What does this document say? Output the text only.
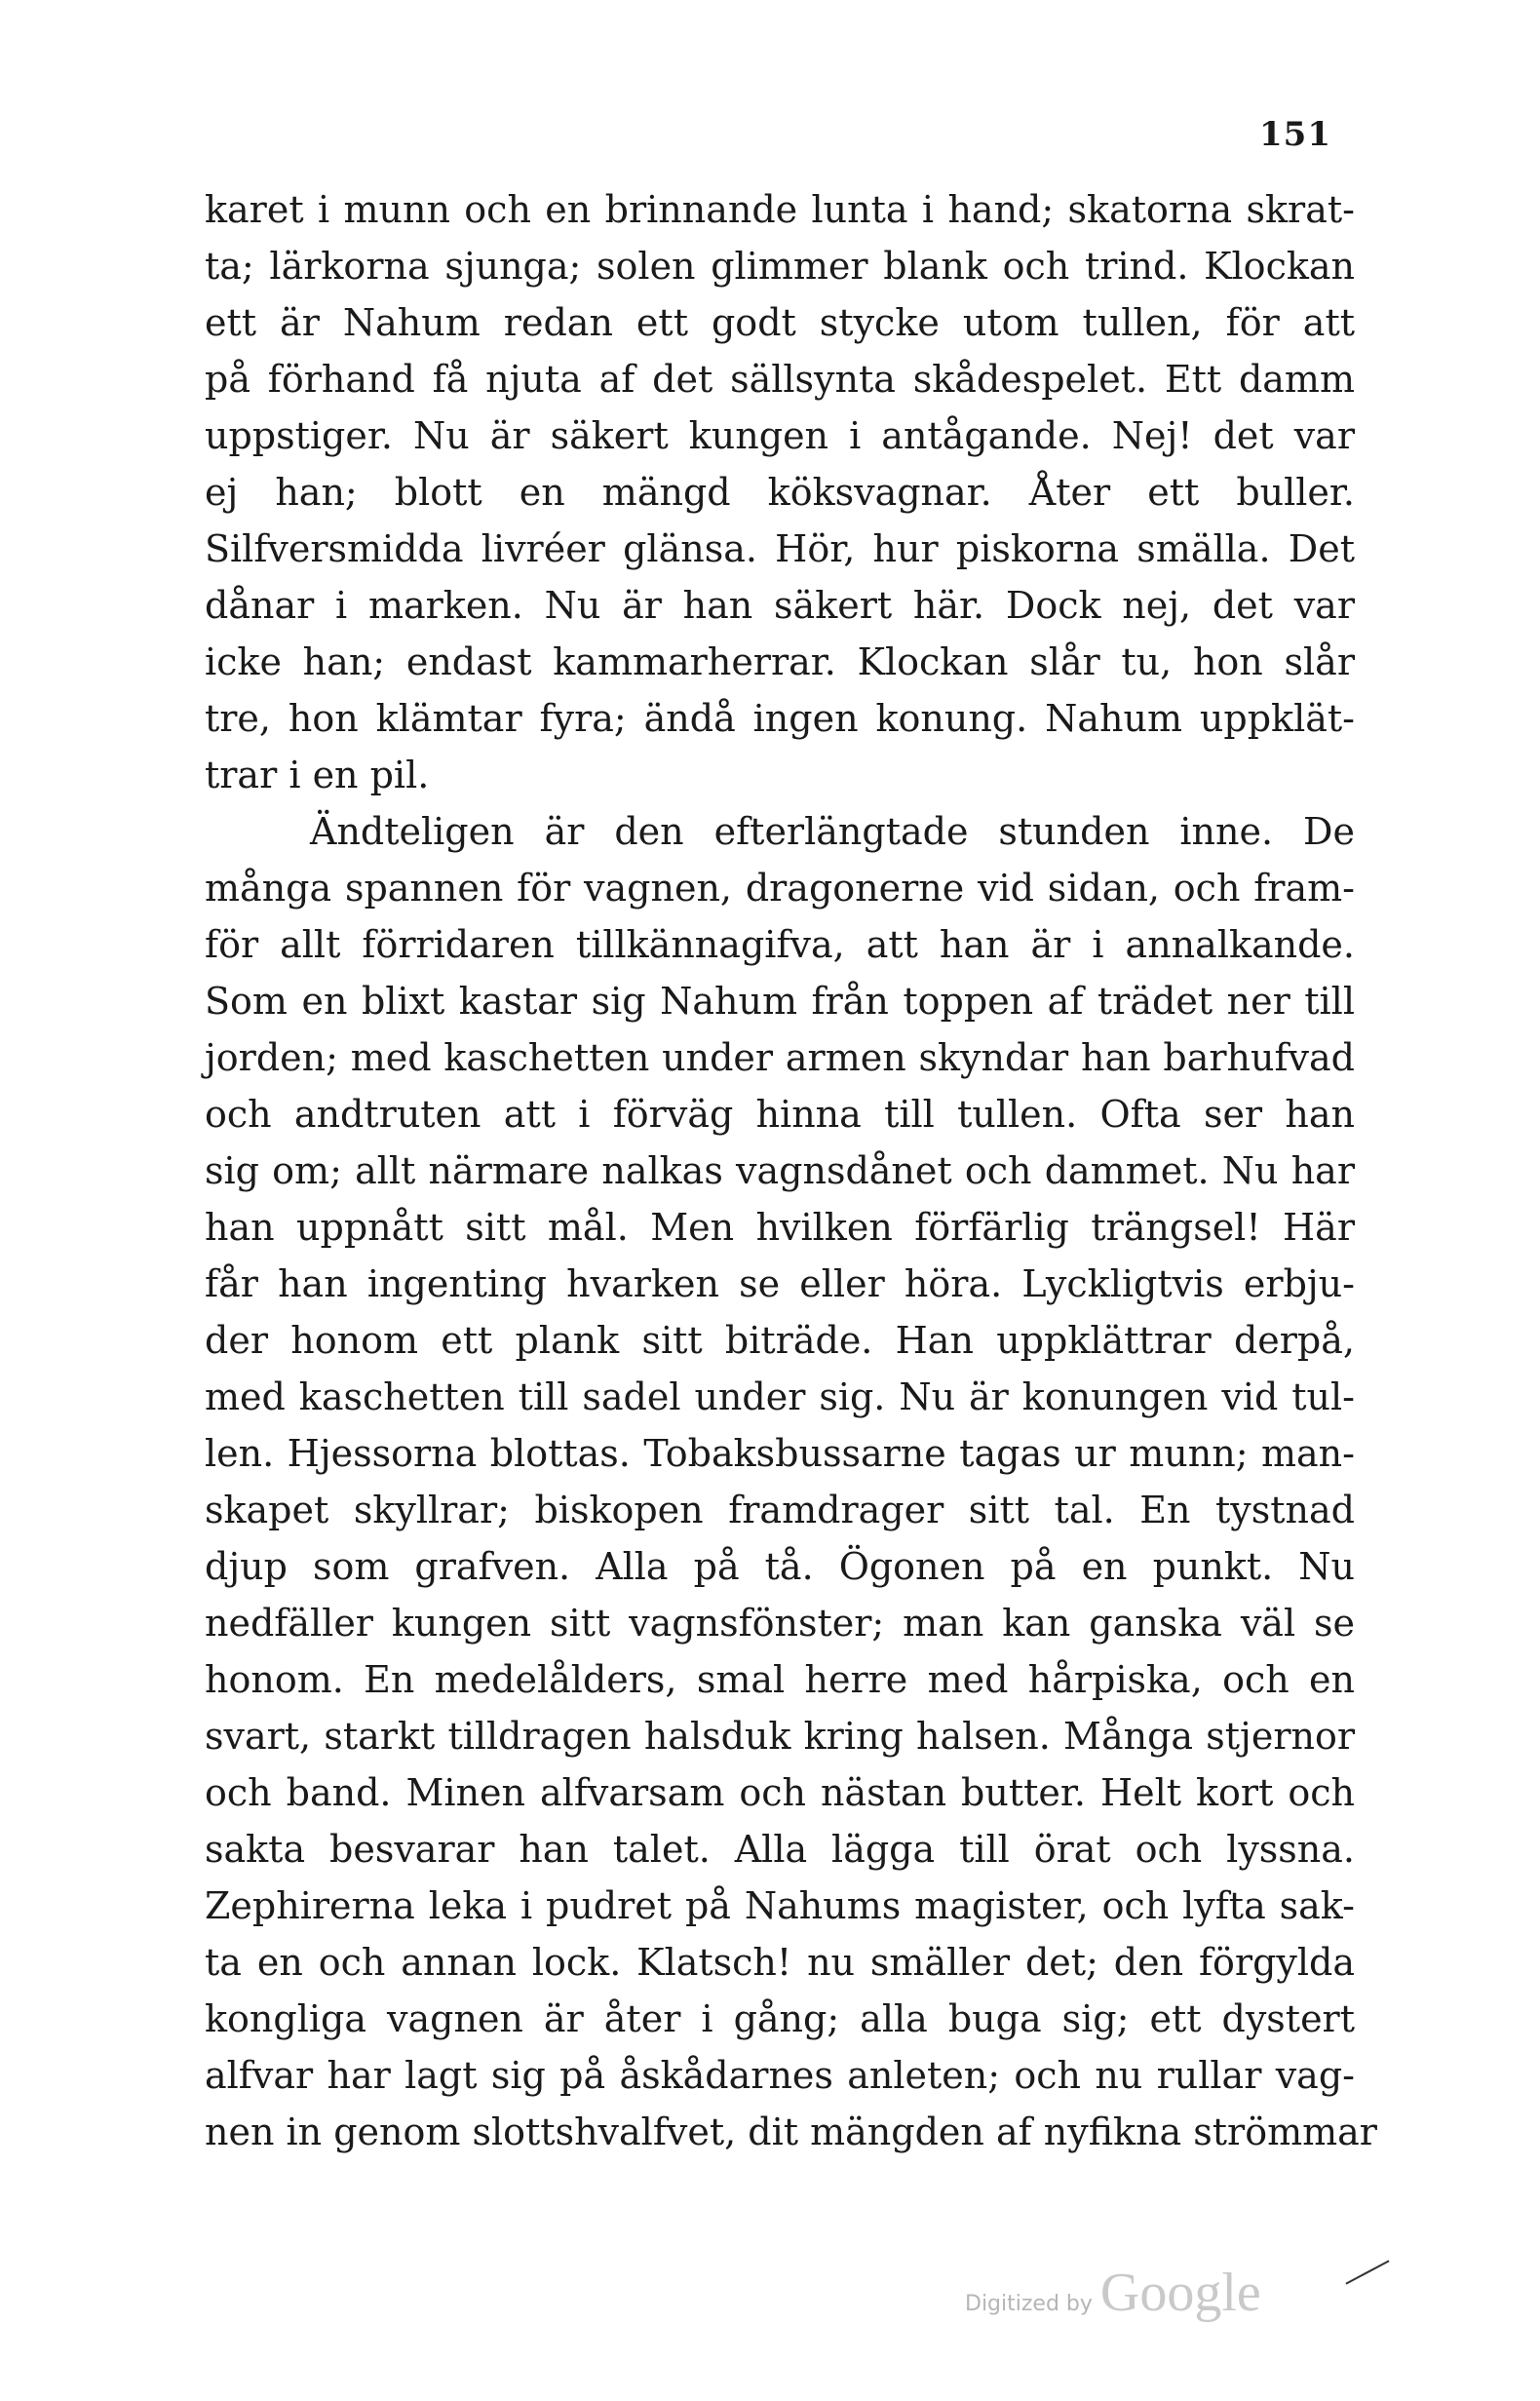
151
karet i munn och en brinnande lunta i hand; skatorna skrat-
ta; lärkorna sjunga; solen glimmer blank och trind. Klockan
ett är Nahum redan ett godt stycke utom tullen, för att
på förhand få njuta af det sällsynta skådespelet. Ett damm
uppstiger. Nu är säkert kungen i antågande. Nej! det var
ej han; blott en mängd köksvagnar. Åter ett buller.
Silfversmidda livréer glänsa. Hör, hur piskorna smälla. Det
dånar i marken. Nu är han säkert här. Dock nej, det var
icke han; endast kammarherrar. Klockan slår tu, hon slår
tre, hon klämtar fyra; ändå ingen konung. Nahum uppklät-
trar i en pil.
Ändteligen är den efterlängtade stunden inne. De
många spannen för vagnen, dragonerne vid sidan, och fram-
för allt förridaren tillkännagifva, att han är i annalkande.
Som en blixt kastar sig Nahum från toppen af trädet ner till
jorden; med kaschetten under armen skyndar han barhufvad
och andtruten att i förväg hinna till tullen. Ofta ser han
sig om; allt närmare nalkas vagnsdånet och dammet. Nu har
han uppnått sitt mål. Men hvilken förfärlig trängsel! Här
får han ingenting hvarken se eller höra. Lyckligtvis erbju-
der honom ett plank sitt biträde. Han uppklättrar derpå,
med kaschetten till sadel under sig. Nu är konungen vid tul-
len. Hjessorna blottas. Tobaksbussarne tagas ur munn; man-
skapet skyllrar; biskopen framdrager sitt tal. En tystnad
djup som grafven. Alla på tå. Ögonen på en punkt. Nu
nedfäller kungen sitt vagnsfönster; man kan ganska väl se
honom. En medelålders, smal herre med hårpiska, och en
svart, starkt tilldragen halsduk kring halsen. Många stjernor
och band. Minen alfvarsam och nästan butter. Helt kort och
sakta besvarar han talet. Alla lägga till örat och lyssna.
Zephirerna leka i pudret på Nahums magister, och lyfta sak-
ta en och annan lock. Klatsch! nu smäller det; den förgylda
kongliga vagnen är åter i gång; alla buga sig; ett dystert
alfvar har lagt sig på åskådarnes anleten; och nu rullar vag-
nen in genom slottshvalfvet, dit mängden af nyfikna strömmar
Digitized by Google
